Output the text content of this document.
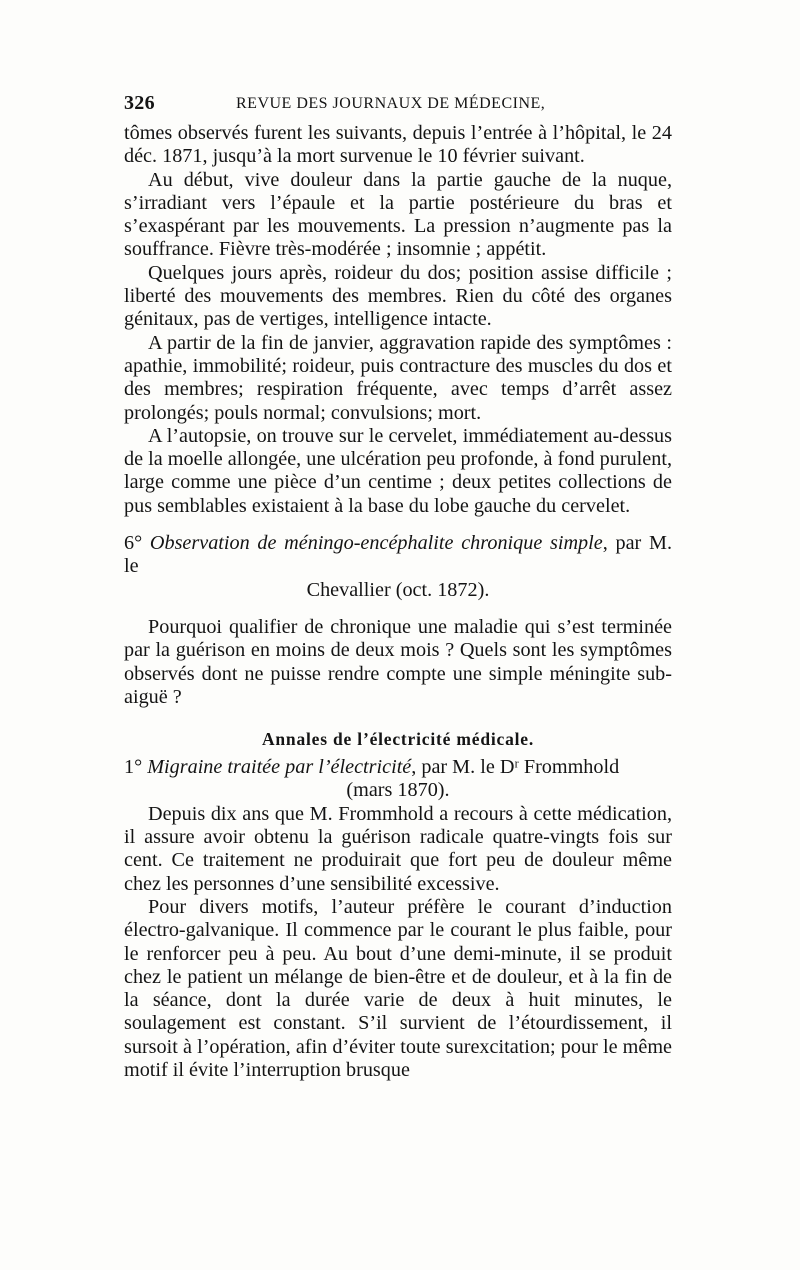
326	REVUE DES JOURNAUX DE MÉDECINE,

tômes observés furent les suivants, depuis l’entrée à l’hôpital, le 24 déc. 1871, jusqu’à la mort survenue le 10 février suivant.

Au début, vive douleur dans la partie gauche de la nuque, s’irradiant vers l’épaule et la partie postérieure du bras et s’exaspérant par les mouvements. La pression n’augmente pas la souffrance. Fièvre très-modérée ; insomnie ; appétit.

Quelques jours après, roideur du dos; position assise difficile ; liberté des mouvements des membres. Rien du côté des organes génitaux, pas de vertiges, intelligence intacte.

A partir de la fin de janvier, aggravation rapide des symptômes : apathie, immobilité; roideur, puis contracture des muscles du dos et des membres; respiration fréquente, avec temps d’arrêt assez prolongés; pouls normal; convulsions; mort.

A l’autopsie, on trouve sur le cervelet, immédiatement au-dessus de la moelle allongée, une ulcération peu profonde, à fond purulent, large comme une pièce d’un centime ; deux petites collections de pus semblables existaient à la base du lobe gauche du cervelet.

6° Observation de méningo-encéphalite chronique simple, par M. le

Chevallier (oct. 1872).

Pourquoi qualifier de chronique une maladie qui s’est terminée par la guérison en moins de deux mois ? Quels sont les symptômes observés dont ne puisse rendre compte une simple méningite sub-aiguë ?

Annales de l’électricité médicale.

1° Migraine traitée par l’électricité, par M. le Dʳ Frommhold

(mars 1870).

Depuis dix ans que M. Frommhold a recours à cette médication, il assure avoir obtenu la guérison radicale quatre-vingts fois sur cent. Ce traitement ne produirait que fort peu de douleur même chez les personnes d’une sensibilité excessive.

Pour divers motifs, l’auteur préfère le courant d’induction électro-galvanique. Il commence par le courant le plus faible, pour le renforcer peu à peu. Au bout d’une demi-minute, il se produit chez le patient un mélange de bien-être et de douleur, et à la fin de la séance, dont la durée varie de deux à huit minutes, le soulagement est constant. S’il survient de l’étourdissement, il sursoit à l’opération, afin d’éviter toute surexcitation; pour le même motif il évite l’interruption brusque
